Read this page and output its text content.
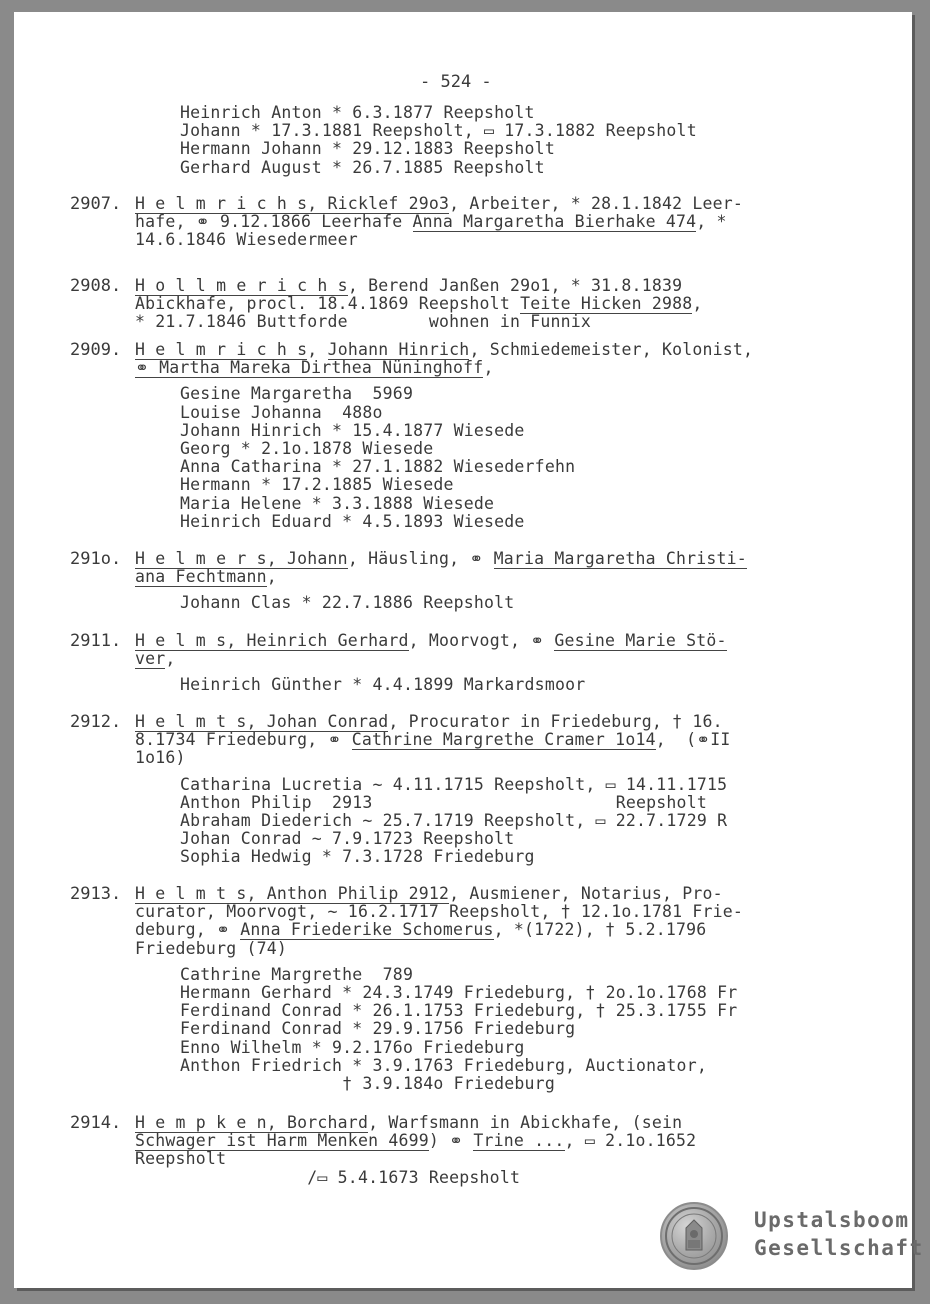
- 524 -
Heinrich Anton * 6.3.1877 Reepsholt
Johann * 17.3.1881 Reepsholt, ▭ 17.3.1882 Reepsholt
Hermann Johann * 29.12.1883 Reepsholt
Gerhard August * 26.7.1885 Reepsholt
2907. H e l m r i c h s, Ricklef 29o3, Arbeiter, * 28.1.1842 Leer-
hafe, ⚭ 9.12.1866 Leerhafe Anna Margaretha Bierhake 474, *
14.6.1846 Wiesedermeer
2908. H o l l m e r i c h s, Berend Janßen 29o1, * 31.8.1839
Abickhafe, procl. 18.4.1869 Reepsholt Teite Hicken 2988,
* 21.7.1846 Buttforde        wohnen in Funnix
2909. H e l m r i c h s, Johann Hinrich, Schmiedemeister, Kolonist,
⚭ Martha Mareka Dirthea Nüninghoff,
Gesine Margaretha  5969
Louise Johanna  488o
Johann Hinrich * 15.4.1877 Wiesede
Georg * 2.1o.1878 Wiesede
Anna Catharina * 27.1.1882 Wiesederfehn
Hermann * 17.2.1885 Wiesede
Maria Helene * 3.3.1888 Wiesede
Heinrich Eduard * 4.5.1893 Wiesede
291o. H e l m e r s, Johann, Häusling, ⚭ Maria Margaretha Christi-
ana Fechtmann,
Johann Clas * 22.7.1886 Reepsholt
2911. H e l m s, Heinrich Gerhard, Moorvogt, ⚭ Gesine Marie Stö-
ver,
Heinrich Günther * 4.4.1899 Markardsmoor
2912. H e l m t s, Johan Conrad, Procurator in Friedeburg, † 16.
8.1734 Friedeburg, ⚭ Cathrine Margrethe Cramer 1o14,  (⚭II
1o16)
Catharina Lucretia ~ 4.11.1715 Reepsholt, ▭ 14.11.1715
Anthon Philip  2913                        Reepsholt
Abraham Diederich ~ 25.7.1719 Reepsholt, ▭ 22.7.1729 R
Johan Conrad ~ 7.9.1723 Reepsholt
Sophia Hedwig * 7.3.1728 Friedeburg
2913. H e l m t s, Anthon Philip 2912, Ausmiener, Notarius, Pro-
curator, Moorvogt, ~ 16.2.1717 Reepsholt, † 12.1o.1781 Frie-
deburg, ⚭ Anna Friederike Schomerus, *(1722), † 5.2.1796
Friedeburg (74)
Cathrine Margrethe  789
Hermann Gerhard * 24.3.1749 Friedeburg, † 2o.1o.1768 Fr
Ferdinand Conrad * 26.1.1753 Friedeburg, † 25.3.1755 Fr
Ferdinand Conrad * 29.9.1756 Friedeburg
Enno Wilhelm * 9.2.176o Friedeburg
Anthon Friedrich * 3.9.1763 Friedeburg, Auctionator,
† 3.9.184o Friedeburg
2914. H e m p k e n, Borchard, Warfsmann in Abickhafe, (sein
Schwager ist Harm Menken 4699) ⚭ Trine ..., ▭ 2.1o.1652
Reepsholt
/▭ 5.4.1673 Reepsholt
Upstalsboom
Gesellschaft
